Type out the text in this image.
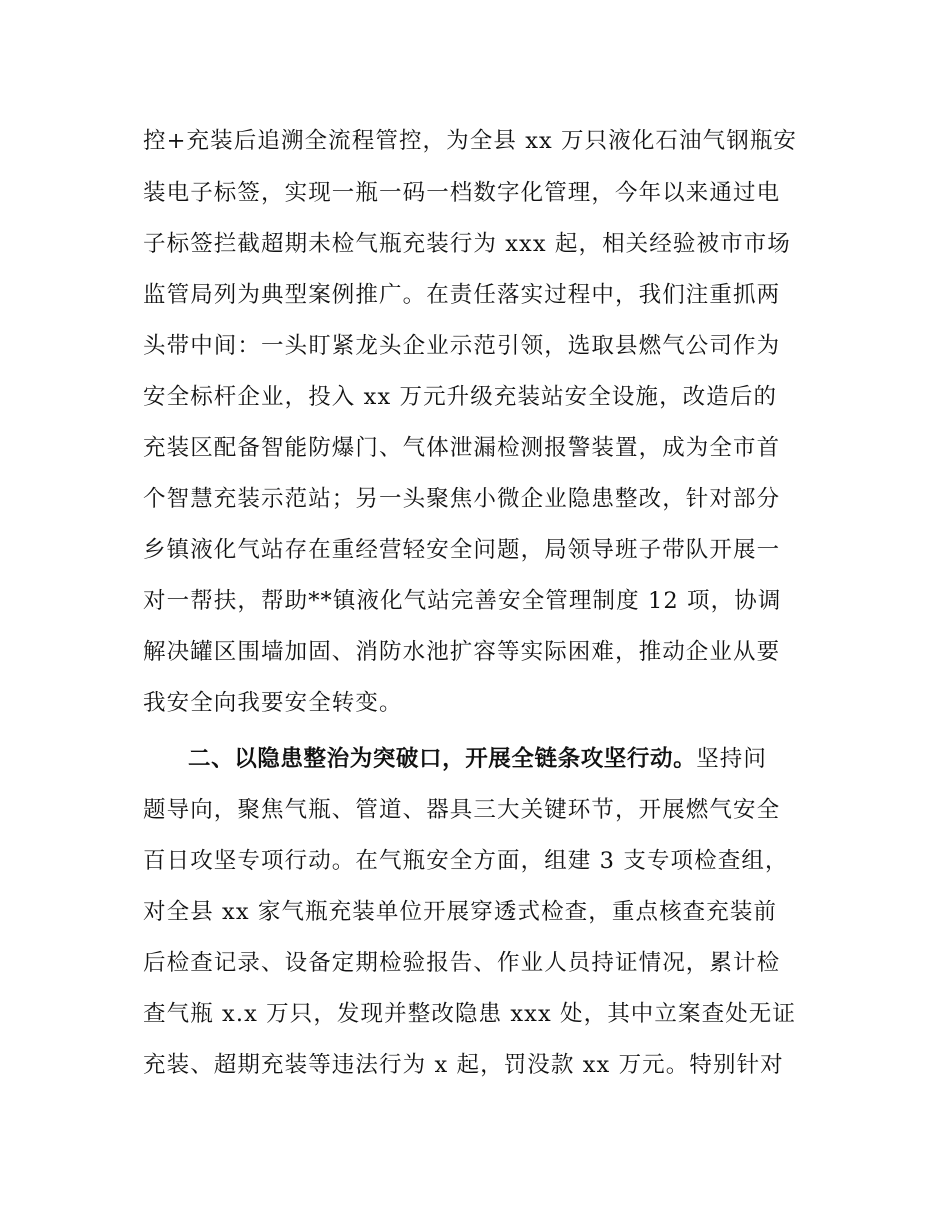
控+充装后追溯全流程管控，为全县 xx 万只液化石油气钢瓶安
装电子标签，实现一瓶一码一档数字化管理，今年以来通过电
子标签拦截超期未检气瓶充装行为 xxx 起，相关经验被市市场
监管局列为典型案例推广。在责任落实过程中，我们注重抓两
头带中间：一头盯紧龙头企业示范引领，选取县燃气公司作为
安全标杆企业，投入 xx 万元升级充装站安全设施，改造后的
充装区配备智能防爆门、气体泄漏检测报警装置，成为全市首
个智慧充装示范站；另一头聚焦小微企业隐患整改，针对部分
乡镇液化气站存在重经营轻安全问题，局领导班子带队开展一
对一帮扶，帮助**镇液化气站完善安全管理制度 12 项，协调
解决罐区围墙加固、消防水池扩容等实际困难，推动企业从要
我安全向我要安全转变。
二、以隐患整治为突破口，开展全链条攻坚行动。坚持问
题导向，聚焦气瓶、管道、器具三大关键环节，开展燃气安全
百日攻坚专项行动。在气瓶安全方面，组建 3 支专项检查组，
对全县 xx 家气瓶充装单位开展穿透式检查，重点核查充装前
后检查记录、设备定期检验报告、作业人员持证情况，累计检
查气瓶 x.x 万只，发现并整改隐患 xxx 处，其中立案查处无证
充装、超期充装等违法行为 x 起，罚没款 xx 万元。特别针对
